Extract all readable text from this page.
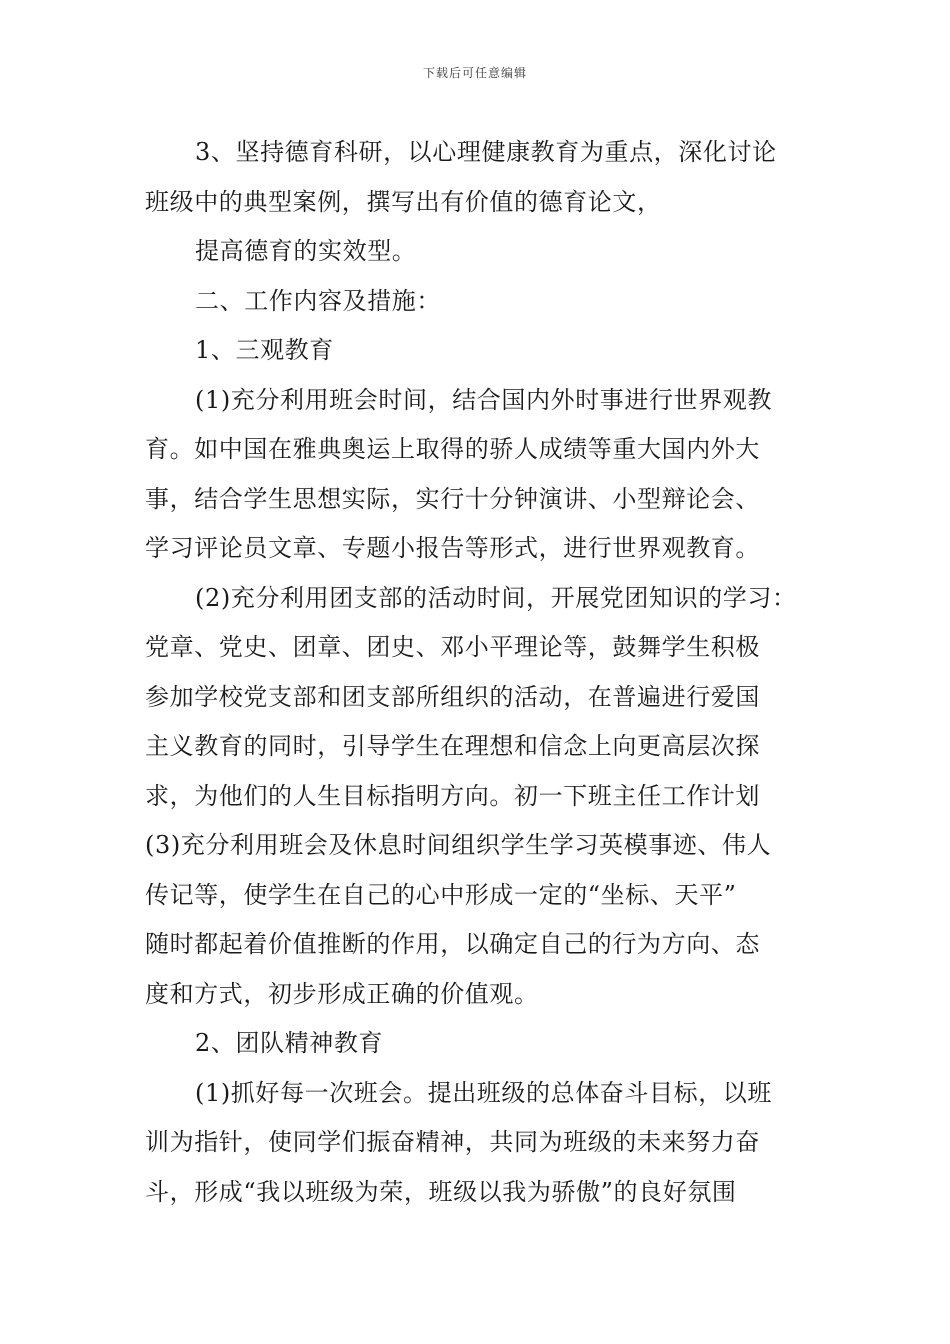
下载后可任意编辑
3、坚持德育科研，以心理健康教育为重点，深化讨论
班级中的典型案例，撰写出有价值的德育论文，
提高德育的实效型。
二、工作内容及措施：
1、三观教育
(1)充分利用班会时间，结合国内外时事进行世界观教
育。如中国在雅典奥运上取得的骄人成绩等重大国内外大
事，结合学生思想实际，实行十分钟演讲、小型辩论会、
学习评论员文章、专题小报告等形式，进行世界观教育。
(2)充分利用团支部的活动时间，开展党团知识的学习：
党章、党史、团章、团史、邓小平理论等，鼓舞学生积极
参加学校党支部和团支部所组织的活动，在普遍进行爱国
主义教育的同时，引导学生在理想和信念上向更高层次探
求，为他们的人生目标指明方向。初一下班主任工作计划
(3)充分利用班会及休息时间组织学生学习英模事迹、伟人
传记等，使学生在自己的心中形成一定的“坐标、天平”
随时都起着价值推断的作用，以确定自己的行为方向、态
度和方式，初步形成正确的价值观。
2、团队精神教育
(1)抓好每一次班会。提出班级的总体奋斗目标，以班
训为指针，使同学们振奋精神，共同为班级的未来努力奋
斗，形成“我以班级为荣，班级以我为骄傲”的良好氛围
